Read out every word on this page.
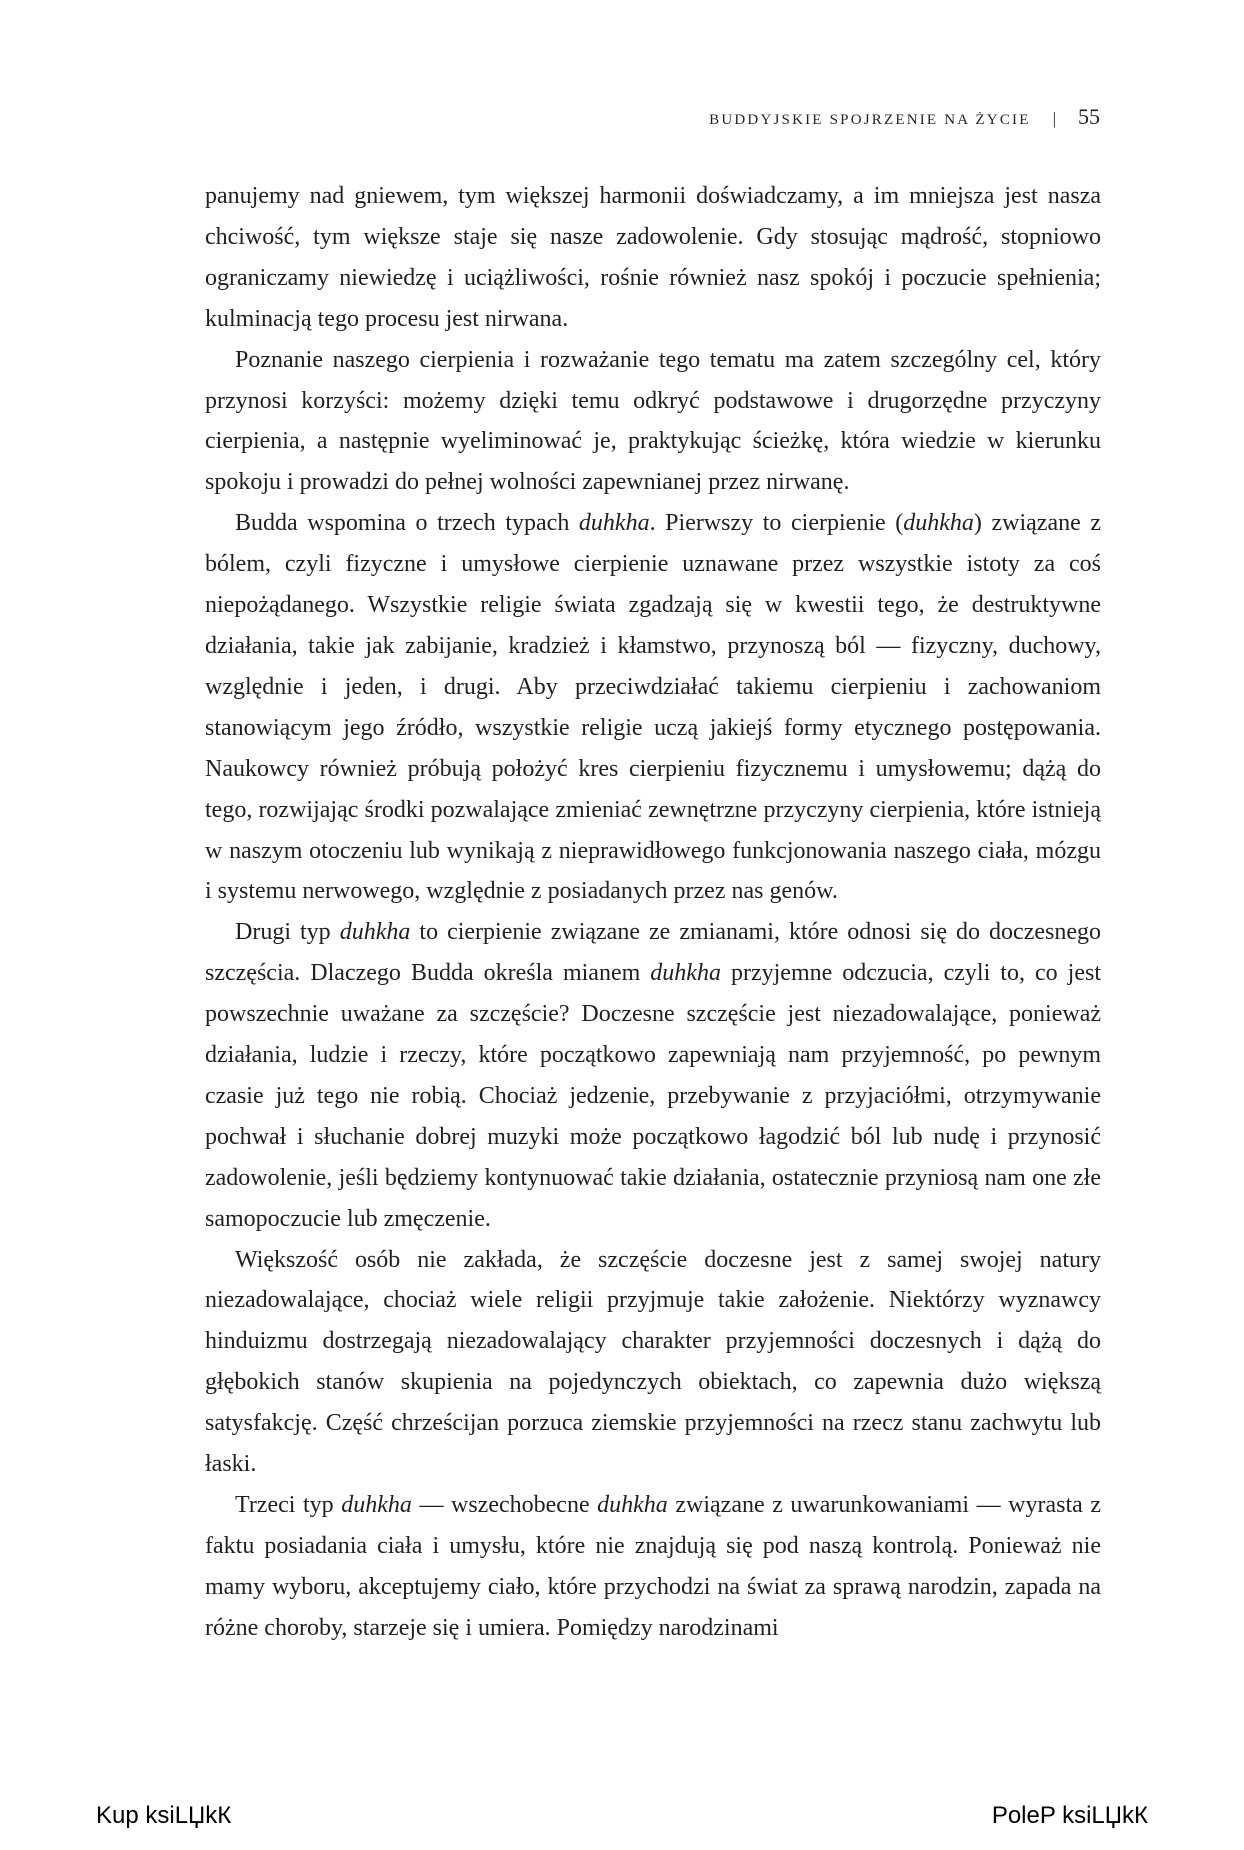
BUDDYJSKIE SPOJRZENIE NA ŻYCIE | 55

panujemy nad gniewem, tym większej harmonii doświadczamy, a im mniejsza jest nasza chciwość, tym większe staje się nasze zadowolenie. Gdy stosując mądrość, stopniowo ograniczamy niewiedzę i uciążliwości, rośnie również nasz spokój i poczucie spełnienia; kulminacją tego procesu jest nirwana.

Poznanie naszego cierpienia i rozważanie tego tematu ma zatem szczególny cel, który przynosi korzyści: możemy dzięki temu odkryć podstawowe i drugorzędne przyczyny cierpienia, a następnie wyeliminować je, praktykując ścieżkę, która wiedzie w kierunku spokoju i prowadzi do pełnej wolności zapewnianej przez nirwanę.

Budda wspomina o trzech typach duhkha. Pierwszy to cierpienie (duhkha) związane z bólem, czyli fizyczne i umysłowe cierpienie uznawane przez wszystkie istoty za coś niepożądanego. Wszystkie religie świata zgadzają się w kwestii tego, że destruktywne działania, takie jak zabijanie, kradzież i kłamstwo, przynoszą ból — fizyczny, duchowy, względnie i jeden, i drugi. Aby przeciwdziałać takiemu cierpieniu i zachowaniom stanowiącym jego źródło, wszystkie religie uczą jakiejś formy etycznego postępowania. Naukowcy również próbują położyć kres cierpieniu fizycznemu i umysłowemu; dążą do tego, rozwijając środki pozwalające zmieniać zewnętrzne przyczyny cierpienia, które istnieją w naszym otoczeniu lub wynikają z nieprawidłowego funkcjonowania naszego ciała, mózgu i systemu nerwowego, względnie z posiadanych przez nas genów.

Drugi typ duhkha to cierpienie związane ze zmianami, które odnosi się do doczesnego szczęścia. Dlaczego Budda określa mianem duhkha przyjemne odczucia, czyli to, co jest powszechnie uważane za szczęście? Doczesne szczęście jest niezadowalające, ponieważ działania, ludzie i rzeczy, które początkowo zapewniają nam przyjemność, po pewnym czasie już tego nie robią. Chociaż jedzenie, przebywanie z przyjaciółmi, otrzymywanie pochwał i słuchanie dobrej muzyki może początkowo łagodzić ból lub nudę i przynosić zadowolenie, jeśli będziemy kontynuować takie działania, ostatecznie przyniosą nam one złe samopoczucie lub zmęczenie.

Większość osób nie zakłada, że szczęście doczesne jest z samej swojej natury niezadowalające, chociaż wiele religii przyjmuje takie założenie. Niektórzy wyznawcy hinduizmu dostrzegają niezadowalający charakter przyjemności doczesnych i dążą do głębokich stanów skupienia na pojedynczych obiektach, co zapewnia dużo większą satysfakcję. Część chrześcijan porzuca ziemskie przyjemności na rzecz stanu zachwytu lub łaski.

Trzeci typ duhkha — wszechobecne duhkha związane z uwarunkowaniami — wyrasta z faktu posiadania ciała i umysłu, które nie znajdują się pod naszą kontrolą. Ponieważ nie mamy wyboru, akceptujemy ciało, które przychodzi na świat za sprawą narodzin, zapada na różne choroby, starzeje się i umiera. Pomiędzy narodzinami

Kup ksiLЏkК	PoleP ksiLЏkК
